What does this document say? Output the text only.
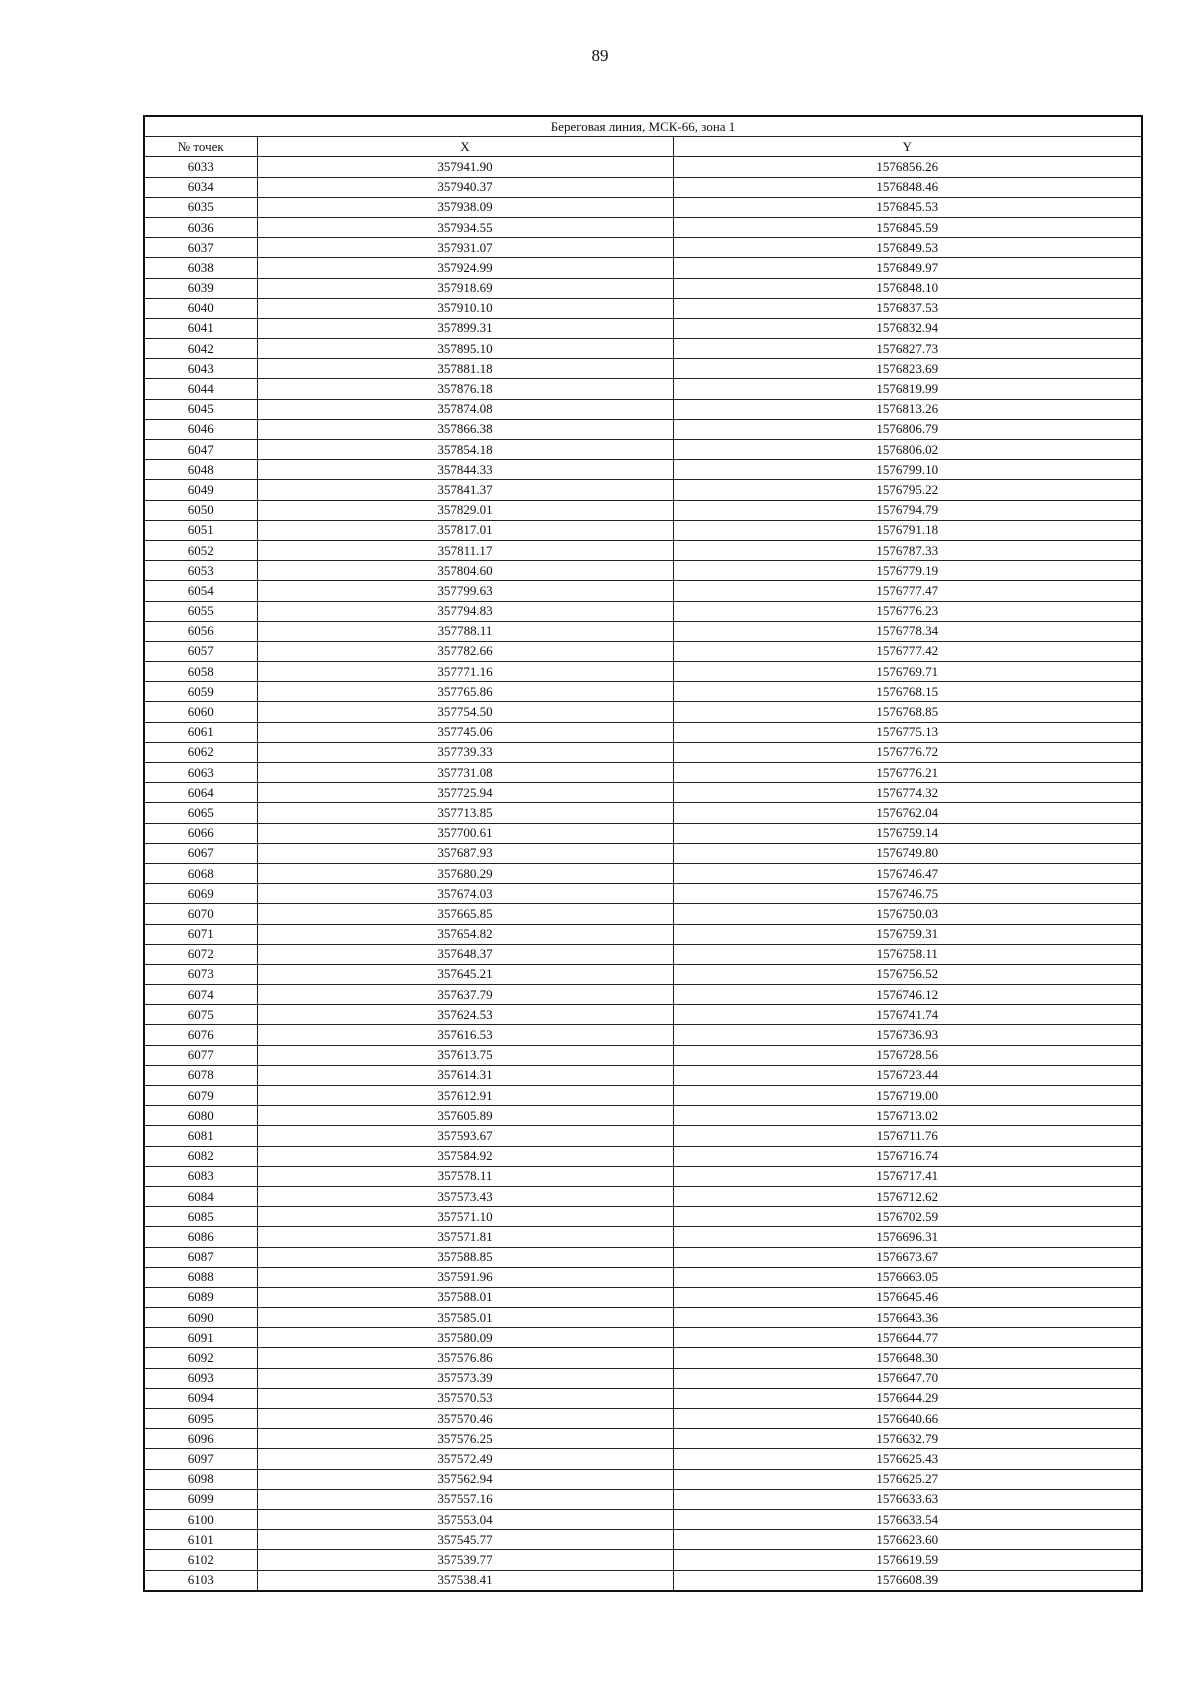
89
Береговая линия, МСК-66, зона 1		
№ точек	X	Y
6033	357941.90	1576856.26
6034	357940.37	1576848.46
6035	357938.09	1576845.53
6036	357934.55	1576845.59
6037	357931.07	1576849.53
6038	357924.99	1576849.97
6039	357918.69	1576848.10
6040	357910.10	1576837.53
6041	357899.31	1576832.94
6042	357895.10	1576827.73
6043	357881.18	1576823.69
6044	357876.18	1576819.99
6045	357874.08	1576813.26
6046	357866.38	1576806.79
6047	357854.18	1576806.02
6048	357844.33	1576799.10
6049	357841.37	1576795.22
6050	357829.01	1576794.79
6051	357817.01	1576791.18
6052	357811.17	1576787.33
6053	357804.60	1576779.19
6054	357799.63	1576777.47
6055	357794.83	1576776.23
6056	357788.11	1576778.34
6057	357782.66	1576777.42
6058	357771.16	1576769.71
6059	357765.86	1576768.15
6060	357754.50	1576768.85
6061	357745.06	1576775.13
6062	357739.33	1576776.72
6063	357731.08	1576776.21
6064	357725.94	1576774.32
6065	357713.85	1576762.04
6066	357700.61	1576759.14
6067	357687.93	1576749.80
6068	357680.29	1576746.47
6069	357674.03	1576746.75
6070	357665.85	1576750.03
6071	357654.82	1576759.31
6072	357648.37	1576758.11
6073	357645.21	1576756.52
6074	357637.79	1576746.12
6075	357624.53	1576741.74
6076	357616.53	1576736.93
6077	357613.75	1576728.56
6078	357614.31	1576723.44
6079	357612.91	1576719.00
6080	357605.89	1576713.02
6081	357593.67	1576711.76
6082	357584.92	1576716.74
6083	357578.11	1576717.41
6084	357573.43	1576712.62
6085	357571.10	1576702.59
6086	357571.81	1576696.31
6087	357588.85	1576673.67
6088	357591.96	1576663.05
6089	357588.01	1576645.46
6090	357585.01	1576643.36
6091	357580.09	1576644.77
6092	357576.86	1576648.30
6093	357573.39	1576647.70
6094	357570.53	1576644.29
6095	357570.46	1576640.66
6096	357576.25	1576632.79
6097	357572.49	1576625.43
6098	357562.94	1576625.27
6099	357557.16	1576633.63
6100	357553.04	1576633.54
6101	357545.77	1576623.60
6102	357539.77	1576619.59
6103	357538.41	1576608.39
